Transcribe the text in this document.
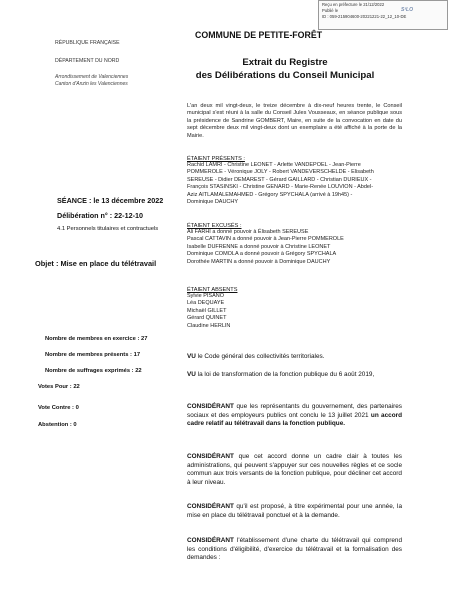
Reçu en préfecture le 21/12/2022
Publié le
ID : 059-215904600-20221221-22_12_10-DE
S²LO
COMMUNE DE PETITE-FORÊT
RÉPUBLIQUE FRANÇAISE
DÉPARTEMENT DU NORD
Arrondissement de Valenciennes
Canton d'Anzin les Valenciennes
Extrait du Registre
des Délibérations du Conseil Municipal
L'an deux mil vingt-deux, le treize décembre à dix-neuf heures trente, le Conseil municipal s'est réuni à la salle du Conseil Jules Vousseaux, en séance publique sous la présidence de Sandrine GOMBERT, Maire, en suite de la convocation en date du sept décembre deux mil vingt-deux dont un exemplaire a été affiché à la porte de la Mairie.
SÉANCE : le 13 décembre 2022
Délibération n° : 22-12-10
4.1 Personnels titulaires et contractuels
Objet : Mise en place du télétravail
ÉTAIENT PRÉSENTS :
Rachid LAMRI - Christine LEONET - Arlette VANDEPOEL - Jean-Pierre
POMMEROLE - Véronique JOLY - Robert VANDEVERSCHELDE - Elisabeth
SEREUSE - Didier DEMAREST - Gérard GAILLARD - Christian DURIEUX -
François STASINSKI - Christine GENARD - Marie-Renée LOUVION - Abdel-
Aziz AITLAMALEMAHMED - Grégory SPYCHALA (arrivé à 19h45) -
Dominique DAUCHY
ÉTAIENT EXCUSÉS :
Ali FARHI a donné pouvoir à Élisabeth SEREUSE
Pascal CATTAVIN a donné pouvoir à Jean-Pierre POMMEROLE
Isabelle DUFRENNE a donné pouvoir à Christine LEONET
Dominique COMOLA a donné pouvoir à Grégory SPYCHALA
Dorothée MARTIN a donné pouvoir à Dominique DAUCHY
ÉTAIENT ABSENTS
Sylvie PISANO
Léa DEQUAYE
Michaël GILLET
Gérard QUINET
Claudine HERLIN
Nombre de membres en exercice : 27
Nombre de membres présents : 17
Nombre de suffrages exprimés : 22
Votes Pour : 22
Vote Contre : 0
Abstention : 0
VU le Code général des collectivités territoriales.
VU la loi de transformation de la fonction publique du 6 août 2019,
CONSIDÉRANT que les représentants du gouvernement, des partenaires sociaux et des employeurs publics ont conclu le 13 juillet 2021 un accord cadre relatif au télétravail dans la fonction publique.
CONSIDÉRANT que cet accord donne un cadre clair à toutes les administrations, qui peuvent s'appuyer sur ces nouvelles règles et ce socle commun aux trois versants de la fonction publique, pour décliner cet accord à leur niveau.
CONSIDÉRANT qu'il est proposé, à titre expérimental pour une année, la mise en place du télétravail ponctuel et à la demande.
CONSIDÉRANT l'établissement d'une charte du télétravail qui comprend les conditions d'éligibilité, d'exercice du télétravail et la formalisation des demandes :
